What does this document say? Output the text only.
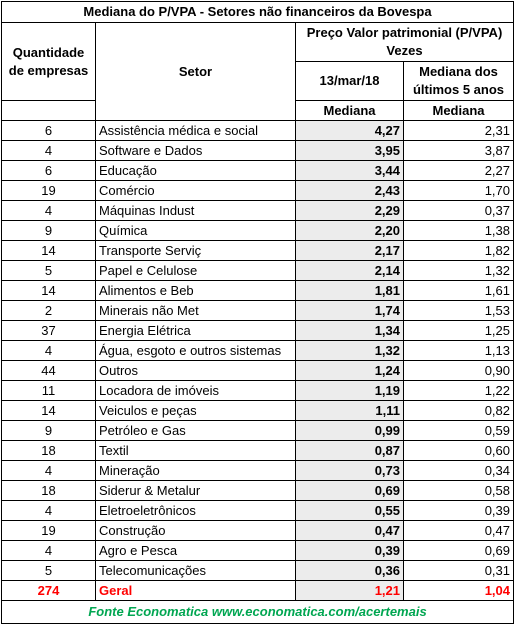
Mediana do P/VPA - Setores não financeiros da Bovespa			
Quantidade de empresas	Setor	Preço Valor patrimonial (P/VPA) Vezes	
		13/mar/18	Mediana dos últimos 5 anos

		Mediana	Mediana
6	Assistência médica e social	4,27	2,31
4	Software e Dados	3,95	3,87
6	Educação	3,44	2,27
19	Comércio	2,43	1,70
4	Máquinas Indust	2,29	0,37
9	Química	2,20	1,38
14	Transporte Serviç	2,17	1,82
5	Papel e Celulose	2,14	1,32
14	Alimentos e Beb	1,81	1,61
2	Minerais não Met	1,74	1,53
37	Energia Elétrica	1,34	1,25
4	Água, esgoto e outros sistemas	1,32	1,13
44	Outros	1,24	0,90
11	Locadora de imóveis	1,19	1,22
14	Veiculos e peças	1,11	0,82
9	Petróleo e Gas	0,99	0,59
18	Textil	0,87	0,60
4	Mineração	0,73	0,34
18	Siderur & Metalur	0,69	0,58
4	Eletroeletrônicos	0,55	0,39
19	Construção	0,47	0,47
4	Agro e Pesca	0,39	0,69
5	Telecomunicações	0,36	0,31
274	Geral	1,21	1,04
Fonte Economatica www.economatica.com/acertemais			
